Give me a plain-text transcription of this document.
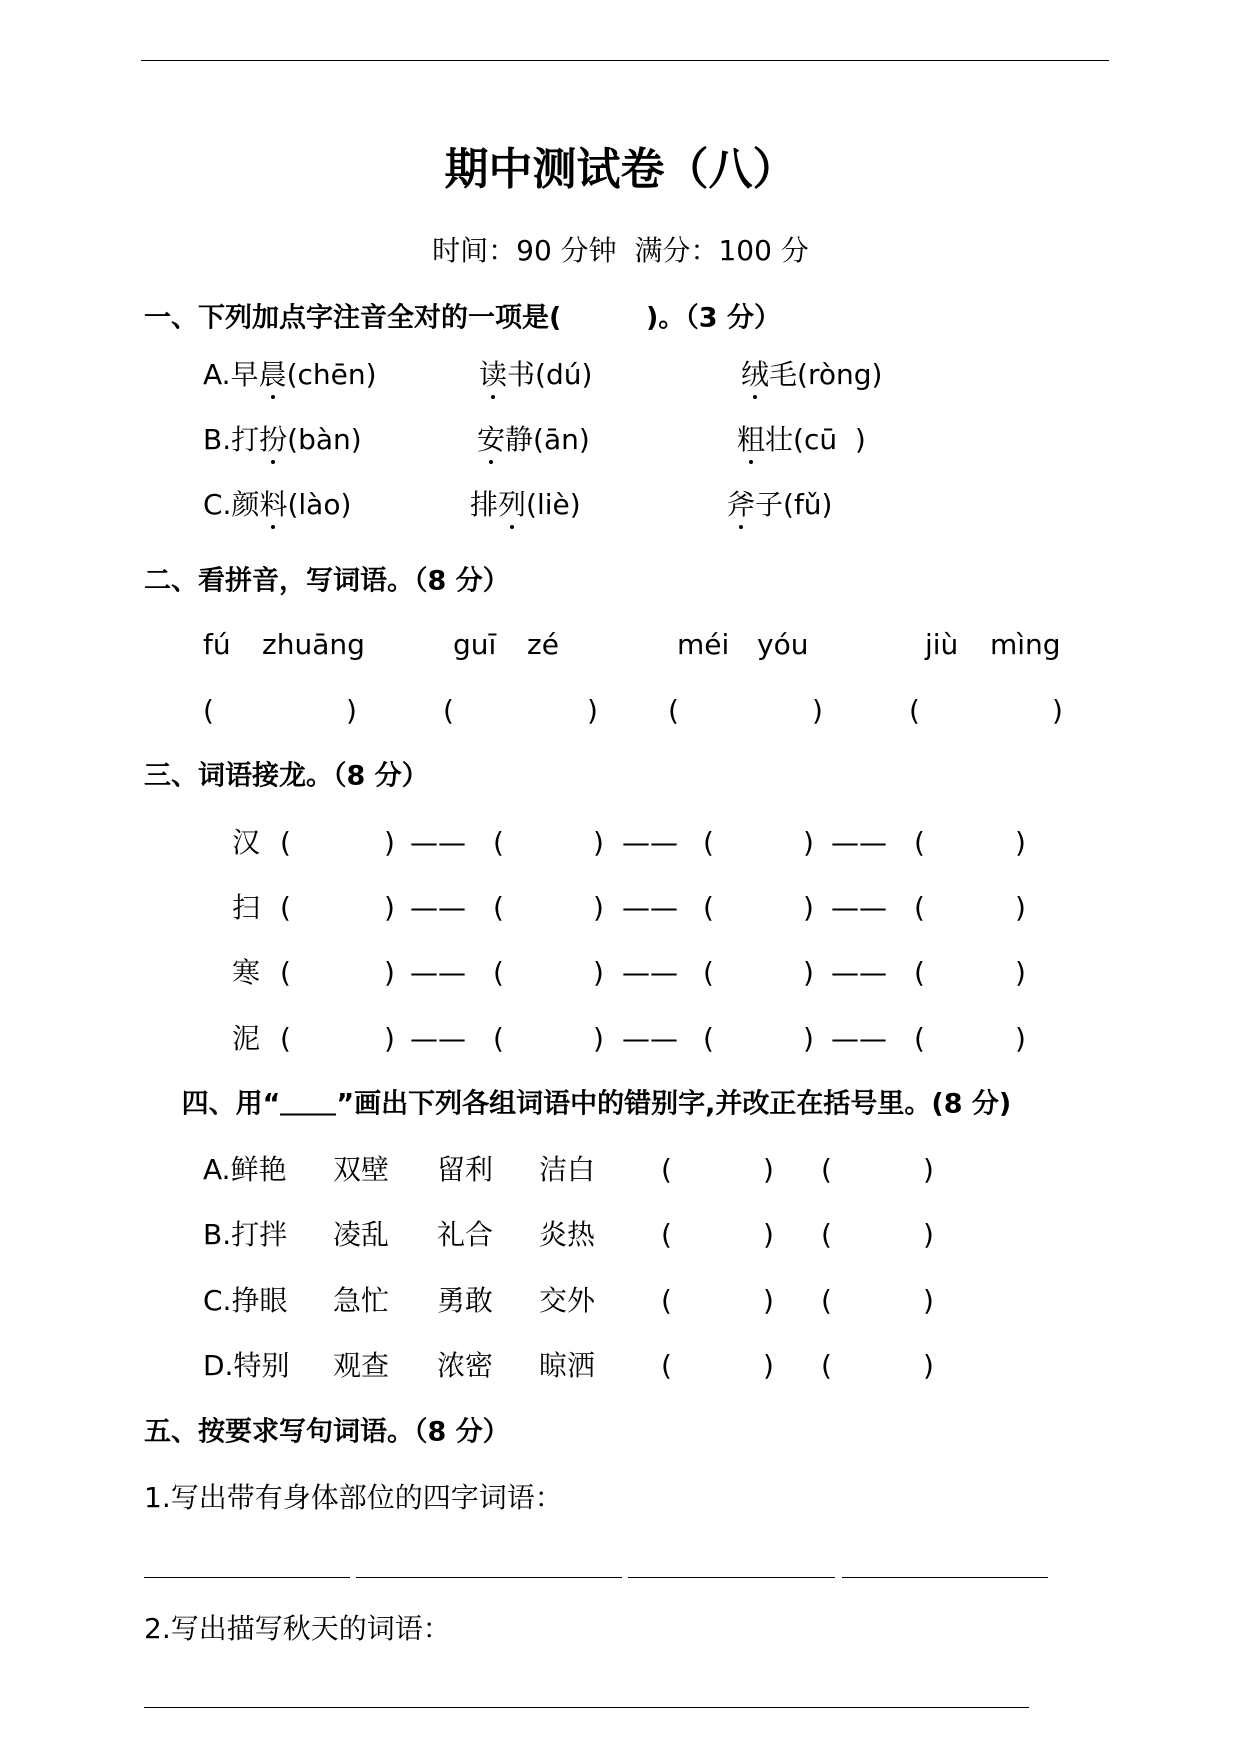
期中测试卷（八）
时间：90 分钟  满分：100 分
一、下列加点字注音全对的一项是(         )。（3 分）
A.早晨(chēn)	读书(dú)	绒毛(ròng)
B.打扮(bàn)	安静(ān)	粗壮(cū  )
C.颜料(lào)	排列(liè)	斧子(fǔ)
二、看拼音，写词语。（8 分）
fú zhuāng
(	)
guī zé
(	)
méi yóu
(	)
jiù mìng
(	)
三、词语接龙。（8 分）
汉 (	) —— (	) —— (	) —— (	)
扫 (	) —— (	) —— (	) —— (	)
寒 (	) —— (	) —— (	) —— (	)
泥 (	) —— (	) —— (	) —— (	)

四、用“ ”画出下列各组词语中的错别字,并改正在括号里。(8 分)

A.鲜艳 双壁 留利 洁白 (	) (	)
B.打拌 凌乱 礼合 炎热 (	) (	)
C.挣眼 急忙 勇敢 交外 (	) (	)
D.特别 观查 浓密 晾洒 (	) (	)
五、按要求写句词语。（8 分）
1.写出带有身体部位的四字词语：
2.写出描写秋天的词语：
